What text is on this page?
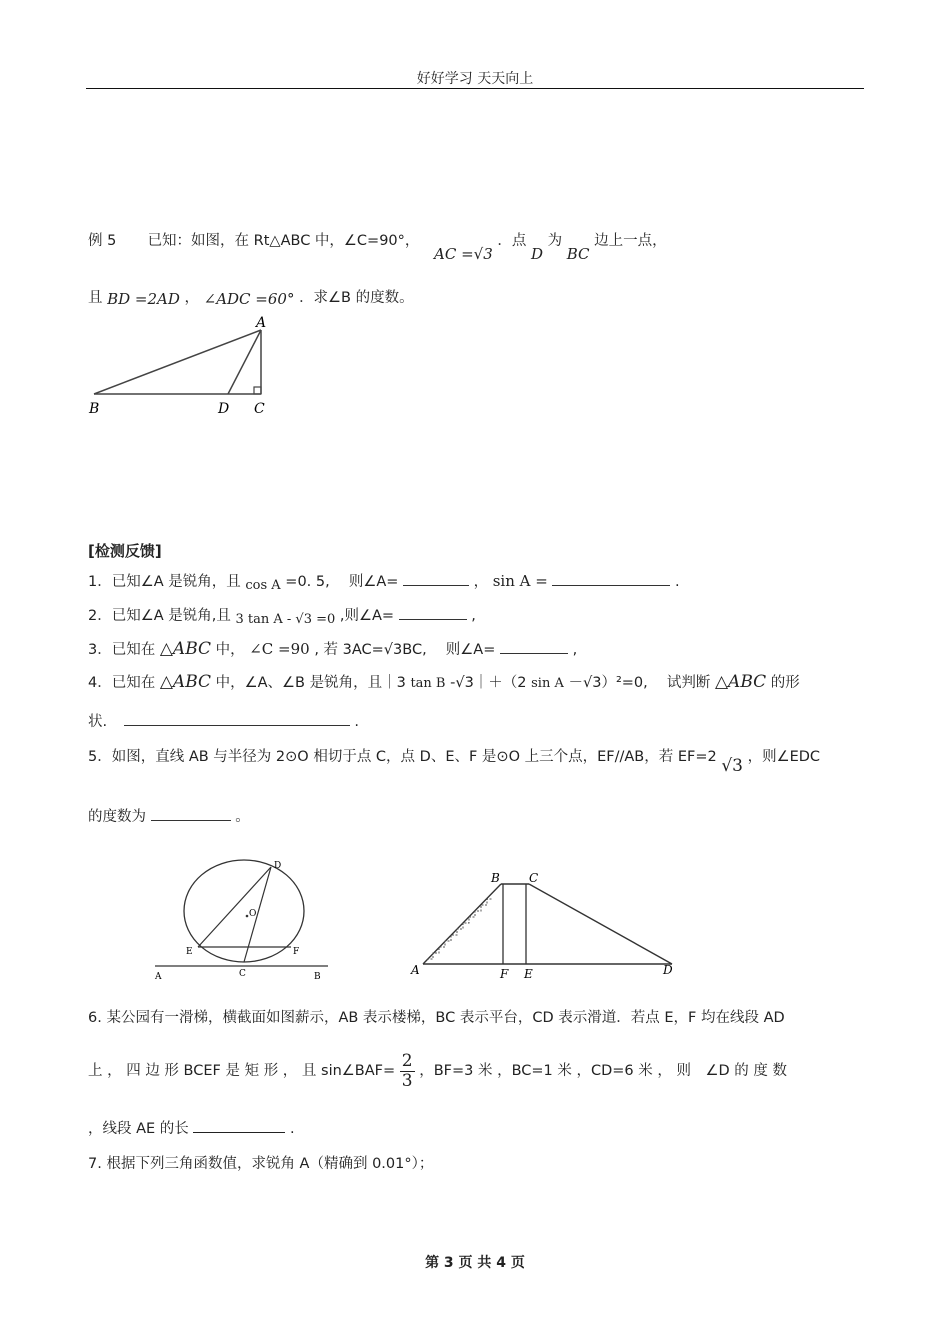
好好学习 天天向上
例 5 已知：如图，在 Rt△ABC 中，∠C=90°， AC =√3 ．点 D 为 BC 边上一点，
且 BD =2AD ， ∠ADC =60° ．求∠B 的度数。
A
B	D C
[检测反馈]
1．已知∠A 是锐角，且 cos A =0. 5,　 则∠A=	， sin A =	.
2．已知∠A 是锐角,且 3 tan A - √3 =0 ,则∠A=	,
3．已知在 △ABC 中， ∠C =90 , 若 3AC=√3BC,　 则∠A=	,
4．已知在 △ABC 中，∠A、∠B 是锐角，且｜3 tan B -√3｜＋（2 sin A －√3）²=0,　 试判断 △ABC 的形
状.	.
5．如图，直线 AB 与半径为 2⊙O 相切于点 C，点 D、E、F 是⊙O 上三个点，EF//AB，若 EF=2 √3 ，则∠EDC
的度数为	。
D
O
E	F
A	C	B	A
B C
D
E
F
6. 某公园有一滑梯，横截面如图薪示，AB 表示楼梯，BC 表示平台，CD 表示滑道．若点 E，F 均在线段 AD
上 ， 四 边 形 BCEF 是 矩 形 ， 且 sin∠BAF= $\frac{2}{3}$ ，BF=3 米 ，BC=1 米 ，CD=6 米 ， 则　∠D 的 度 数
，线段 AE 的长	.
7. 根据下列三角函数值，求锐角 A（精确到 0.01°）；
第 3 页 共 4 页
